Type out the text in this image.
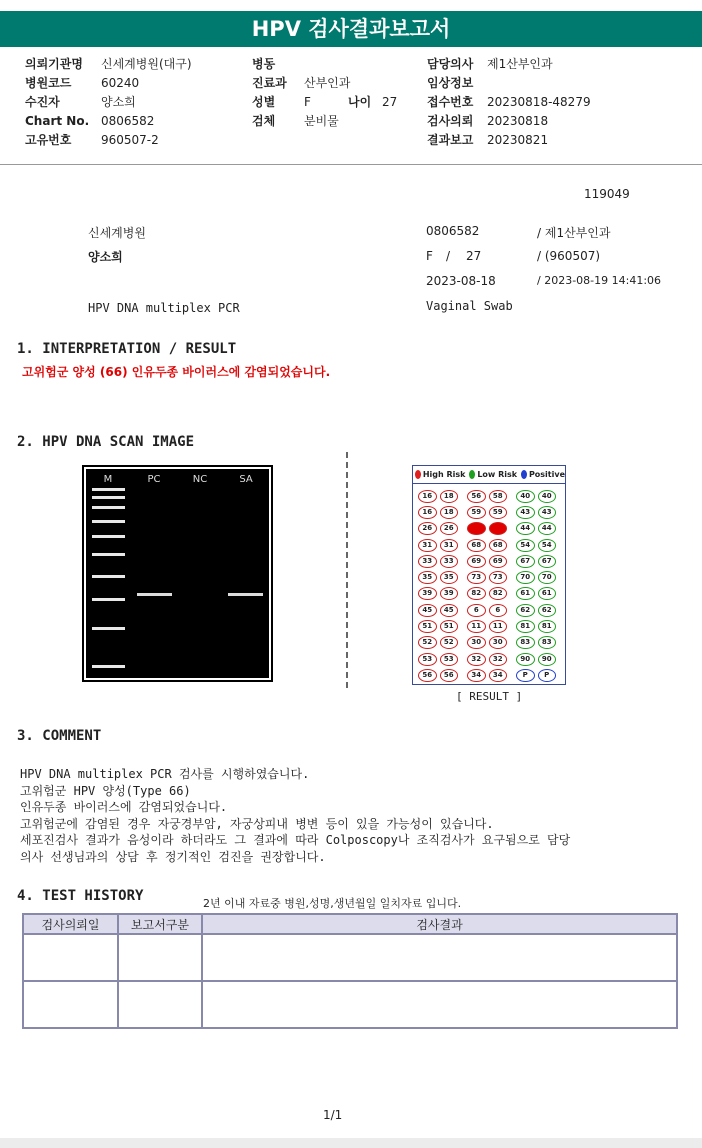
HPV 검사결과보고서
의뢰기관명 신세계병원(대구)
병원코드 60240
수진자	양소희
Chart No. 0806582
고유번호 960507-2
병동
진료과 산부인과
성별 F	나이 27
검체 분비물
담당의사 제1산부인과
임상정보
접수번호 20230818-48279
검사의뢰 20230818
결과보고 20230821
119049
신세계병원
양소희
HPV DNA multiplex PCR
0806582	/ 제1산부인과
F / 27	/ (960507)
2023-08-18	/ 2023-08-19 14:41:06
Vaginal Swab
1. INTERPRETATION / RESULT
고위험군 양성 (66) 인유두종 바이러스에 감염되었습니다.
2. HPV DNA SCAN IMAGE
M	PC	NC	SA	High Risk Low Risk Positive
16	18	56	58	40	40
16	18	59	59	43	43
26	26	66	66	44	44
31	31	68	68	54	54
33	33	69	69	67	67
35	35	73	73	70	70
39	39	82	82	61	61
45	45	6	6	62	62
51	51	11	11	81	81
52	52	30	30	83	83
53	53	32	32	90	90
56	56	34	34	P	P
[ RESULT ]
3. COMMENT
HPV DNA multiplex PCR 검사를 시행하였습니다.
고위험군 HPV 양성(Type 66)
인유두종 바이러스에 감염되었습니다.
고위험군에 감염된 경우 자궁경부암, 자궁상피내 병변 등이 있을 가능성이 있습니다.
세포진검사 결과가 음성이라 하더라도 그 결과에 따라 Colposcopy나 조직검사가 요구됨으로 담당
의사 선생님과의 상담 후 정기적인 검진을 권장합니다.
4. TEST HISTORY	2년 이내 자료중 병원,성명,생년월일 일치자료 입니다.
검사의뢰일	보고서구분	검사결과

1/1
